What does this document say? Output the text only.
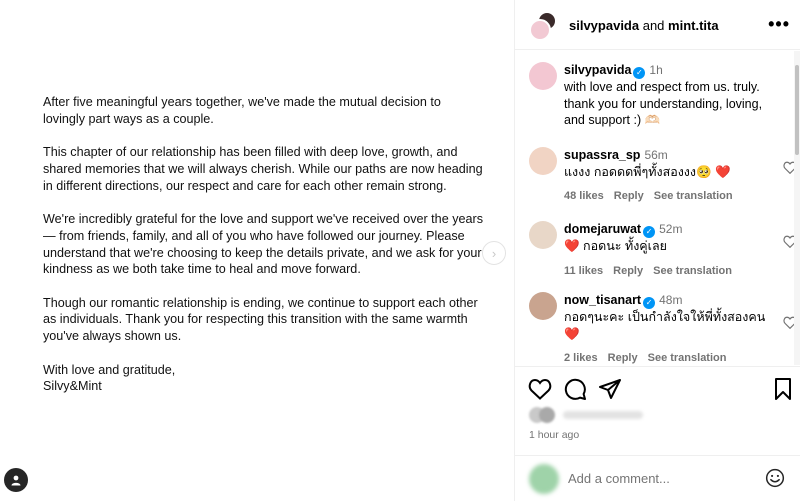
After five meaningful years together, we've made the mutual decision to lovingly part ways as a couple.

This chapter of our relationship has been filled with deep love, growth, and shared memories that we will always cherish. While our paths are now heading in different directions, our respect and care for each other remain strong.

We're incredibly grateful for the love and support we've received over the years — from friends, family, and all of you who have followed our journey. Please understand that we're choosing to keep the details private, and we ask for your kindness as we both take time to heal and move forward.

Though our romantic relationship is ending, we continue to support each other as individuals. Thank you for respecting this transition with the same warmth you've always shown us.

With love and gratitude,
Silvy&Mint

›
silvypavida and mint.tita	•••
silvypavida ✓ 1h
with love and respect from us. truly. thank you for understanding, loving, and support :) 🫶🏻
supassra_sp 56m
แงงง กอดดดพี่ๆทั้งสองงง🥺 ❤️
48 likes Reply See translation
domejaruwat ✓ 52m
❤️ กอดนะ ทั้งคู่เลย
11 likes Reply See translation
now_tisanart ✓ 48m
กอดๆนะคะ เป็นกำลังใจให้พี่ทั้งสองคน ❤️
2 likes Reply See translation
1 hour ago
Add a comment...
